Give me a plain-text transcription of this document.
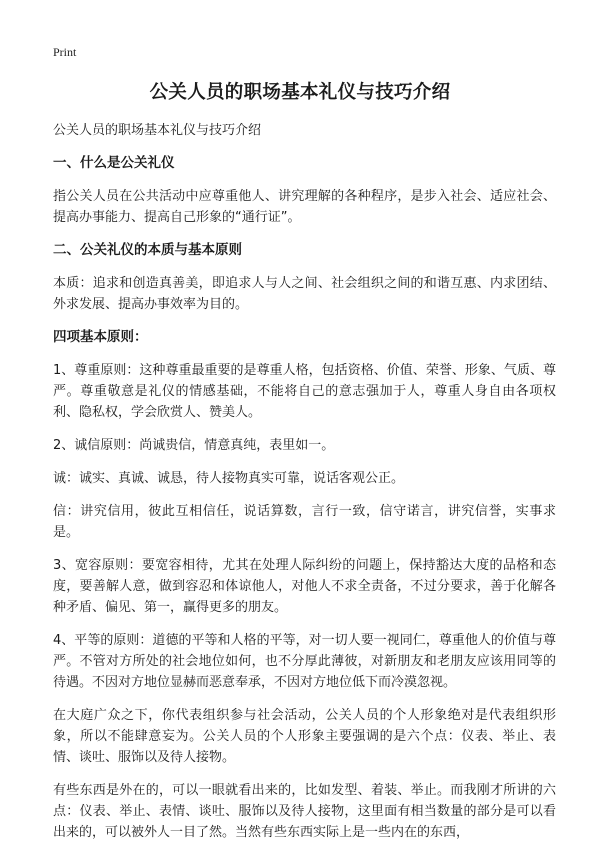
Print
公关人员的职场基本礼仪与技巧介绍

公关人员的职场基本礼仪与技巧介绍

一、什么是公关礼仪

指公关人员在公共活动中应尊重他人、讲究理解的各种程序，是步入社会、适应社会、提高办事能力、提高自己形象的“通行证”。

二、公关礼仪的本质与基本原则

本质：追求和创造真善美，即追求人与人之间、社会组织之间的和谐互惠、内求团结、外求发展、提高办事效率为目的。

四项基本原则：

1、尊重原则：这种尊重最重要的是尊重人格，包括资格、价值、荣誉、形象、气质、尊严。尊重敬意是礼仪的情感基础，不能将自己的意志强加于人，尊重人身自由各项权利、隐私权，学会欣赏人、赞美人。

2、诚信原则：尚诚贵信，情意真纯，表里如一。

诚：诚实、真诚、诚恳，待人接物真实可靠，说话客观公正。

信：讲究信用，彼此互相信任，说话算数，言行一致，信守诺言，讲究信誉，实事求是。

3、宽容原则：要宽容相待，尤其在处理人际纠纷的问题上，保持豁达大度的品格和态度，要善解人意，做到容忍和体谅他人，对他人不求全责备，不过分要求，善于化解各种矛盾、偏见、第一，赢得更多的朋友。

4、平等的原则：道德的平等和人格的平等，对一切人要一视同仁，尊重他人的价值与尊严。不管对方所处的社会地位如何，也不分厚此薄彼，对新朋友和老朋友应该用同等的待遇。不因对方地位显赫而恶意奉承，不因对方地位低下而冷漠忽视。

在大庭广众之下，你代表组织参与社会活动，公关人员的个人形象绝对是代表组织形象，所以不能肆意妄为。公关人员的个人形象主要强调的是六个点：仪表、举止、表情、谈吐、服饰以及待人接物。

有些东西是外在的，可以一眼就看出来的，比如发型、着装、举止。而我刚才所讲的六点：仪表、举止、表情、谈吐、服饰以及待人接物，这里面有相当数量的部分是可以看出来的，可以被外人一目了然。当然有些东西实际上是一些内在的东西，
